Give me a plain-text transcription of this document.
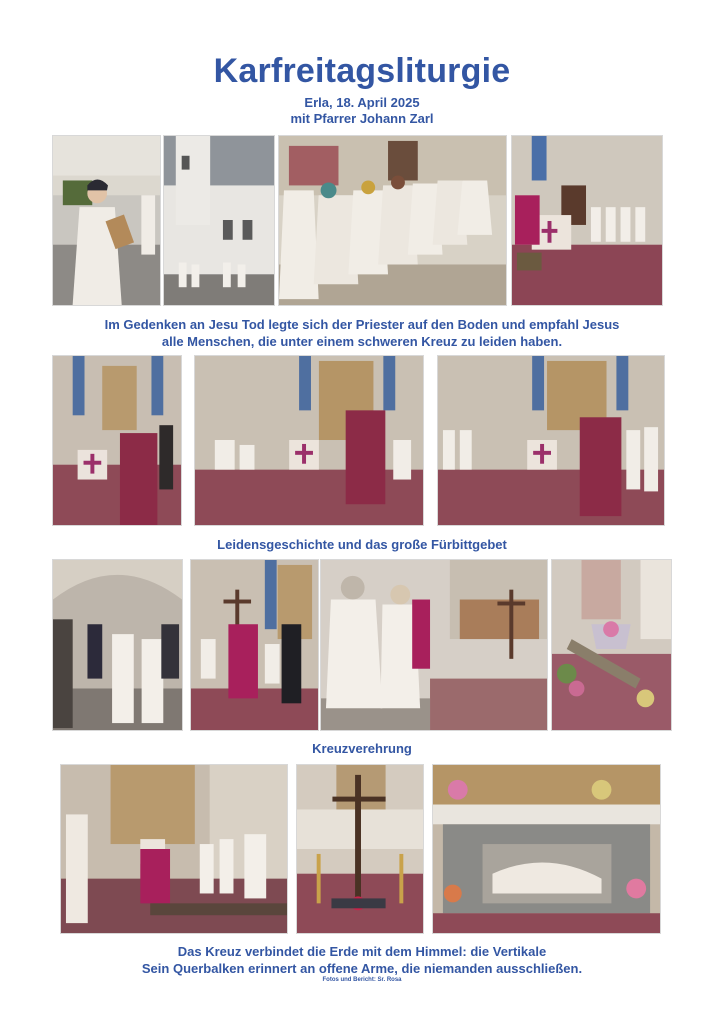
Karfreitagsliturgie
Erla, 18. April 2025
mit Pfarrer Johann Zarl
Im Gedenken an Jesu Tod legte sich der Priester auf den Boden und empfahl Jesus
alle Menschen, die unter einem schweren Kreuz zu leiden haben.
Leidensgeschichte und das große Fürbittgebet
Kreuzverehrung
Das Kreuz verbindet die Erde mit dem Himmel: die Vertikale
Sein Querbalken erinnert an offene Arme, die niemanden ausschließen.
Fotos und Bericht: Sr. Rosa
